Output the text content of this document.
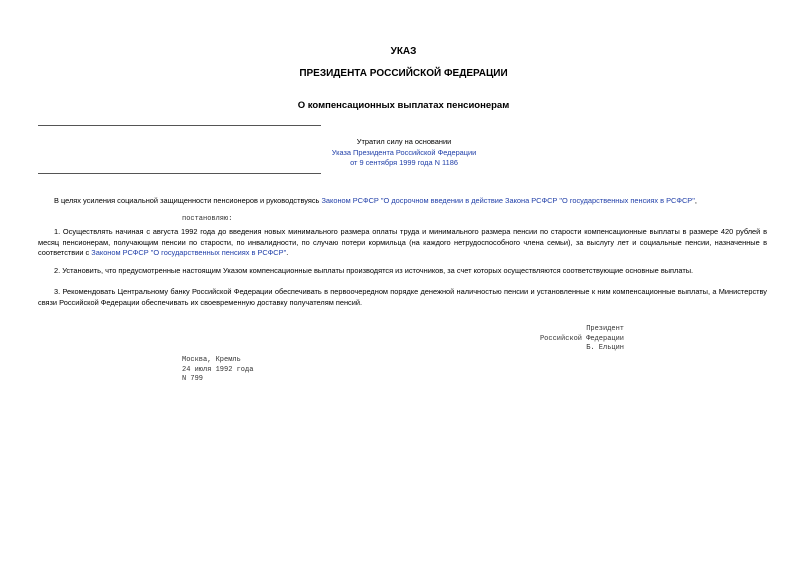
УКАЗ
ПРЕЗИДЕНТА РОССИЙСКОЙ ФЕДЕРАЦИИ
О компенсационных выплатах пенсионерам
Утратил силу на основании
Указа Президента Российской Федерации
от 9 сентября 1999 года N 1186
В целях усиления социальной защищенности пенсионеров и руководствуясь Законом РСФСР "О досрочном введении в действие Закона РСФСР "О государственных пенсиях в РСФСР",
постановляю:
1. Осуществлять начиная с августа 1992 года до введения новых минимального размера оплаты труда и минимального размера пенсии по старости компенсационные выплаты в размере 420 рублей в месяц пенсионерам, получающим пенсии по старости, по инвалидности, по случаю потери кормильца (на каждого нетрудоспособного члена семьи), за выслугу лет и социальные пенсии, назначенные в соответствии с Законом РСФСР "О государственных пенсиях в РСФСР".
2. Установить, что предусмотренные настоящим Указом компенсационные выплаты производятся из источников, за счет которых осуществляются соответствующие основные выплаты.
3. Рекомендовать Центральному банку Российской Федерации обеспечивать в первоочередном порядке денежной наличностью пенсии и установленные к ним компенсационные выплаты, а Министерству связи Российской Федерации обеспечивать их своевременную доставку получателям пенсий.
Президент
Российской Федерации
Б. Ельцин
Москва, Кремль
24 июля 1992 года
N 799
